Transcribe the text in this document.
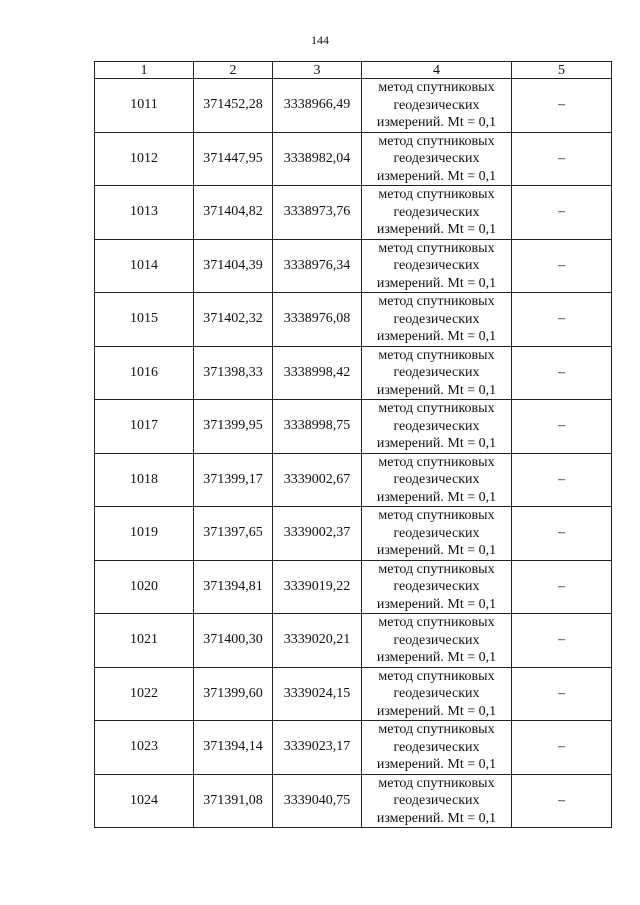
144
1	2	3	4	5
1011	371452,28	3338966,49	метод спутниковых
геодезических
измерений. Mt = 0,1	–
1012	371447,95	3338982,04	метод спутниковых
геодезических
измерений. Mt = 0,1	–
1013	371404,82	3338973,76	метод спутниковых
геодезических
измерений. Mt = 0,1	–
1014	371404,39	3338976,34	метод спутниковых
геодезических
измерений. Mt = 0,1	–
1015	371402,32	3338976,08	метод спутниковых
геодезических
измерений. Mt = 0,1	–
1016	371398,33	3338998,42	метод спутниковых
геодезических
измерений. Mt = 0,1	–
1017	371399,95	3338998,75	метод спутниковых
геодезических
измерений. Mt = 0,1	–
1018	371399,17	3339002,67	метод спутниковых
геодезических
измерений. Mt = 0,1	–
1019	371397,65	3339002,37	метод спутниковых
геодезических
измерений. Mt = 0,1	–
1020	371394,81	3339019,22	метод спутниковых
геодезических
измерений. Mt = 0,1	–
1021	371400,30	3339020,21	метод спутниковых
геодезических
измерений. Mt = 0,1	–
1022	371399,60	3339024,15	метод спутниковых
геодезических
измерений. Mt = 0,1	–
1023	371394,14	3339023,17	метод спутниковых
геодезических
измерений. Mt = 0,1	–
1024	371391,08	3339040,75	метод спутниковых
геодезических
измерений. Mt = 0,1	–
